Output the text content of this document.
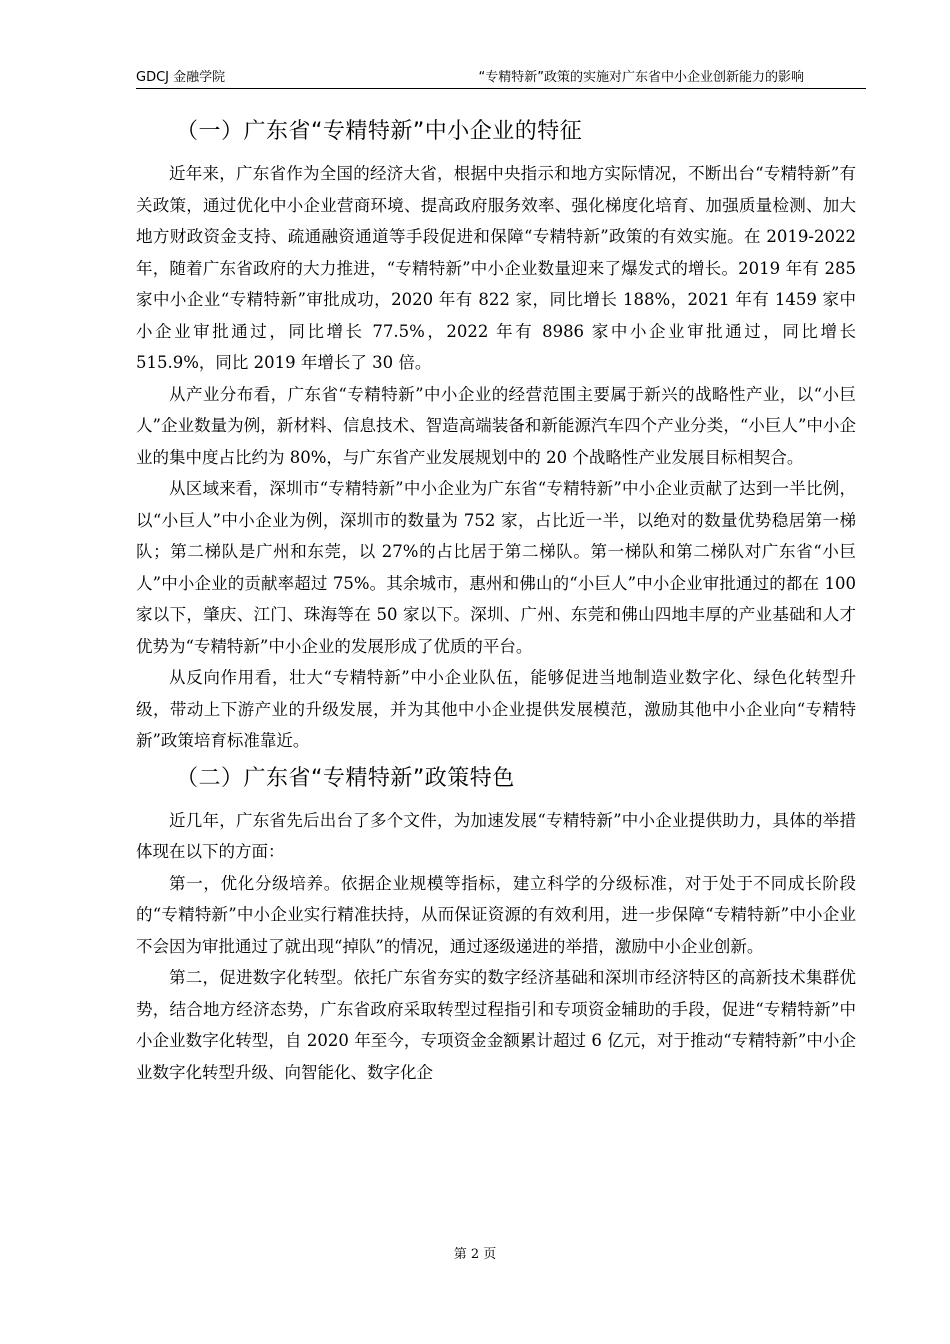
GDCJ 金融学院	“专精特新”政策的实施对广东省中小企业创新能力的影响
（一）广东省“专精特新”中小企业的特征

近年来，广东省作为全国的经济大省，根据中央指示和地方实际情况，不断出台“专精特新”有关政策，通过优化中小企业营商环境、提高政府服务效率、强化梯度化培育、加强质量检测、加大地方财政资金支持、疏通融资通道等手段促进和保障“专精特新”政策的有效实施。在 2019-2022 年，随着广东省政府的大力推进，“专精特新”中小企业数量迎来了爆发式的增长。2019 年有 285 家中小企业“专精特新”审批成功，2020 年有 822 家，同比增长 188%，2021 年有 1459 家中小企业审批通过，同比增长 77.5%，2022 年有 8986 家中小企业审批通过，同比增长 515.9%，同比 2019 年增长了 30 倍。

从产业分布看，广东省“专精特新”中小企业的经营范围主要属于新兴的战略性产业，以“小巨人”企业数量为例，新材料、信息技术、智造高端装备和新能源汽车四个产业分类，“小巨人”中小企业的集中度占比约为 80%，与广东省产业发展规划中的 20 个战略性产业发展目标相契合。

从区域来看，深圳市“专精特新”中小企业为广东省“专精特新”中小企业贡献了达到一半比例，以“小巨人”中小企业为例，深圳市的数量为 752 家，占比近一半，以绝对的数量优势稳居第一梯队；第二梯队是广州和东莞，以 27%的占比居于第二梯队。第一梯队和第二梯队对广东省“小巨人”中小企业的贡献率超过 75%。其余城市，惠州和佛山的“小巨人”中小企业审批通过的都在 100 家以下，肇庆、江门、珠海等在 50 家以下。深圳、广州、东莞和佛山四地丰厚的产业基础和人才优势为“专精特新”中小企业的发展形成了优质的平台。

从反向作用看，壮大“专精特新”中小企业队伍，能够促进当地制造业数字化、绿色化转型升级，带动上下游产业的升级发展，并为其他中小企业提供发展模范，激励其他中小企业向“专精特新”政策培育标准靠近。

（二）广东省“专精特新”政策特色

近几年，广东省先后出台了多个文件，为加速发展“专精特新”中小企业提供助力，具体的举措体现在以下的方面：

第一，优化分级培养。依据企业规模等指标，建立科学的分级标准，对于处于不同成长阶段的“专精特新”中小企业实行精准扶持，从而保证资源的有效利用，进一步保障“专精特新”中小企业不会因为审批通过了就出现“掉队”的情况，通过逐级递进的举措，激励中小企业创新。

第二，促进数字化转型。依托广东省夯实的数字经济基础和深圳市经济特区的高新技术集群优势，结合地方经济态势，广东省政府采取转型过程指引和专项资金辅助的手段，促进“专精特新”中小企业数字化转型，自 2020 年至今，专项资金金额累计超过 6 亿元，对于推动“专精特新”中小企业数字化转型升级、向智能化、数字化企

第 2 页
